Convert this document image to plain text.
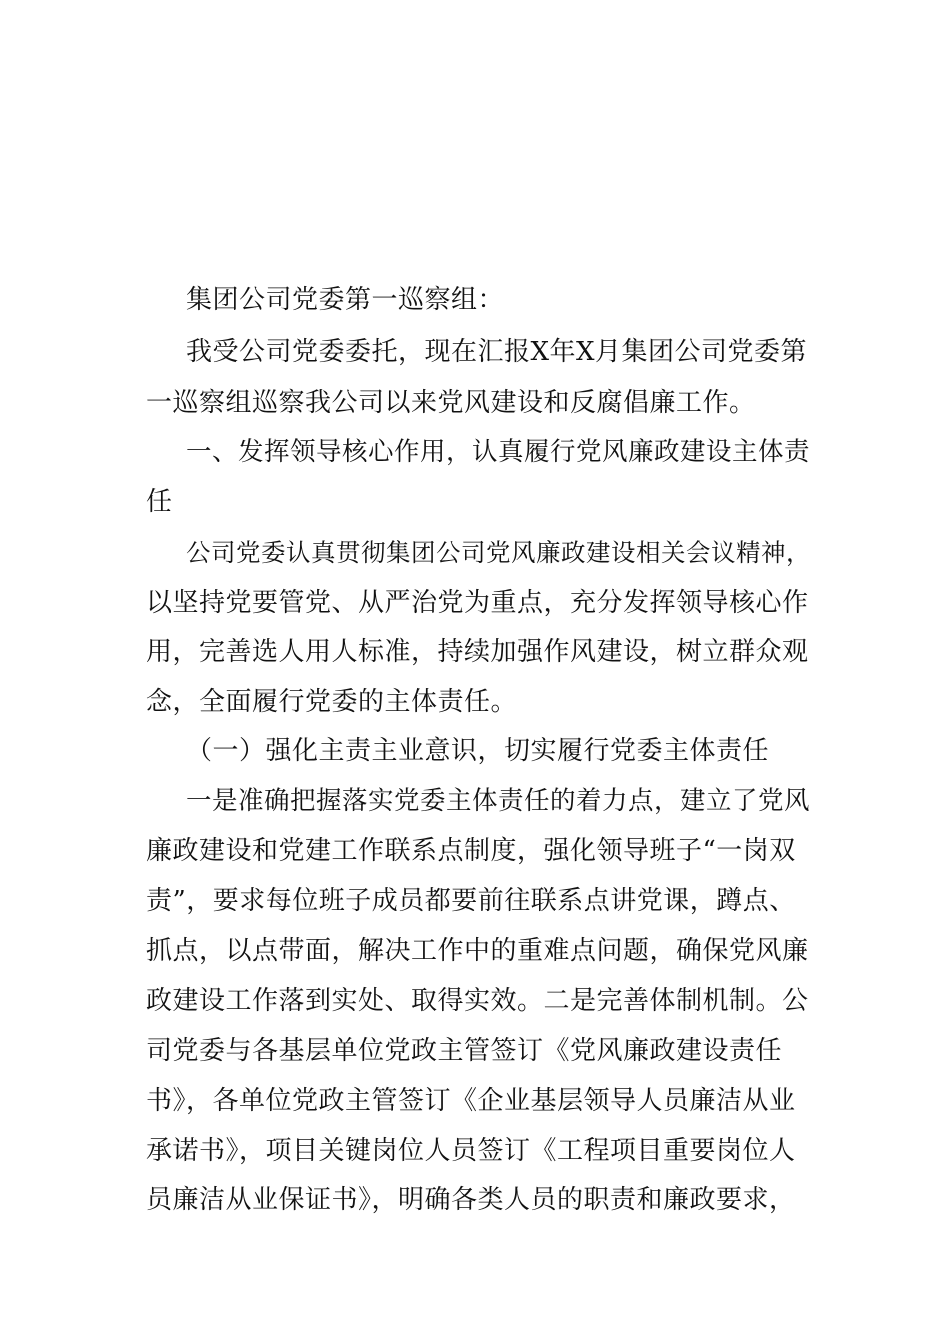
集团公司党委第一巡察组：
我受公司党委委托，现在汇报X年X月集团公司党委第
一巡察组巡察我公司以来党风建设和反腐倡廉工作。
一、发挥领导核心作用，认真履行党风廉政建设主体责
任
公司党委认真贯彻集团公司党风廉政建设相关会议精神，
以坚持党要管党、从严治党为重点，充分发挥领导核心作
用，完善选人用人标准，持续加强作风建设，树立群众观
念，全面履行党委的主体责任。
（一）强化主责主业意识，切实履行党委主体责任
一是准确把握落实党委主体责任的着力点，建立了党风
廉政建设和党建工作联系点制度，强化领导班子“一岗双
责”，要求每位班子成员都要前往联系点讲党课，蹲点、
抓点，以点带面，解决工作中的重难点问题，确保党风廉
政建设工作落到实处、取得实效。二是完善体制机制。公
司党委与各基层单位党政主管签订《党风廉政建设责任
书》，各单位党政主管签订《企业基层领导人员廉洁从业
承诺书》，项目关键岗位人员签订《工程项目重要岗位人
员廉洁从业保证书》，明确各类人员的职责和廉政要求，
